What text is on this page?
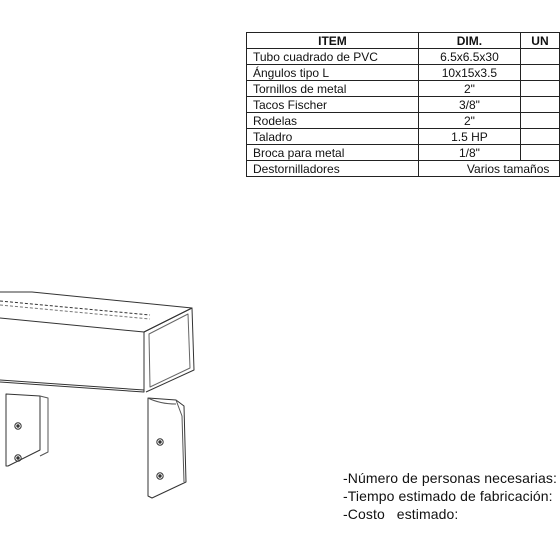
ITEM	DIM.	UN
Tubo cuadrado de PVC	6.5x6.5x30	
Ángulos tipo L	10x15x3.5	
Tornillos de metal	2"	
Tacos Fischer	3/8"	
Rodelas	2"	
Taladro	1.5 HP	
Broca para metal	1/8"	
Destornilladores	Varios tamaños	
-Número de personas necesarias:
-Tiempo estimado de fabricación:
-Costo   estimado:
